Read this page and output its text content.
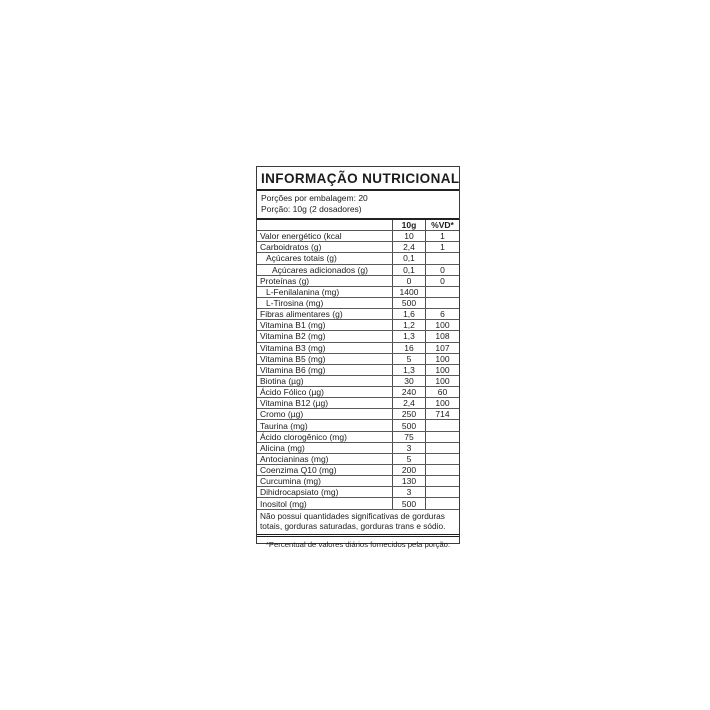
INFORMAÇÃO NUTRICIONAL
Porções por embalagem: 20
Porção: 10g (2 dosadores)
10g	%VD*
Valor energético (kcal	10	1
Carboidratos (g)	2,4	1
Açúcares totais (g)	0,1
Açúcares adicionados (g)	0,1	0
Proteínas (g)	0	0
L-Fenilalanina (mg)	1400
L-Tirosina (mg)	500
Fibras alimentares (g)	1,6	6
Vitamina B1 (mg)	1,2	100
Vitamina B2 (mg)	1,3	108
Vitamina B3 (mg)	16	107
Vitamina B5 (mg)	5	100
Vitamina B6 (mg)	1,3	100
Biotina (µg)	30	100
Ácido Fólico (µg)	240	60
Vitamina B12 (µg)	2,4	100
Cromo (µg)	250	714
Taurina (mg)	500
Ácido clorogênico (mg)	75
Alicina (mg)	3
Antocianinas (mg)	5
Coenzima Q10 (mg)	200
Curcumina (mg)	130
Dihidrocapsiato (mg)	3
Inositol (mg)	500
Não possui quantidades significativas de gorduras totais, gorduras saturadas, gorduras trans e sódio.
*Percentual de valores diários fornecidos pela porção.
